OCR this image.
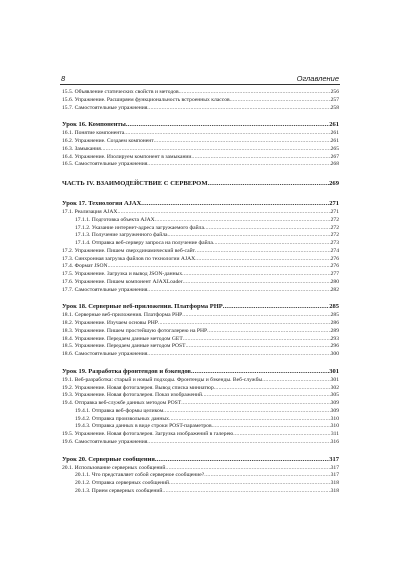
8	Оглавление
15.5. Объявление статических свойств и методов .....	256
15.6. Упражнение. Расширяем функциональность встроенных классов .....	257
15.7. Самостоятельные упражнения .....	258
Урок 16. Компоненты .....	261
16.1. Понятие компонента .....	261
16.2. Упражнение. Создаем компонент .....	261
16.3. Замыкания .....	265
16.4. Упражнение. Изолируем компонент в замыкании .....	267
16.5. Самостоятельные упражнения .....	268
ЧАСТЬ IV. ВЗАИМОДЕЙСТВИЕ С СЕРВЕРОМ .....	269
Урок 17. Технология AJAX .....	271
17.1. Реализация AJAX .....	271
17.1.1. Подготовка объекта AJAX .....	272
17.1.2. Указание интернет-адреса загружаемого файла .....	272
17.1.3. Получение загруженного файла .....	272
17.1.4. Отправка веб-серверу запроса на получение файла .....	273
17.2. Упражнение. Пишем сверхдинамический веб-сайт .....	274
17.3. Синхронная загрузка файлов по технологии AJAX .....	276
17.4. Формат JSON .....	276
17.5. Упражнение. Загрузка и вывод JSON-данных .....	277
17.6. Упражнение. Пишем компонент AJAXLoader .....	280
17.7. Самостоятельные упражнения .....	282
Урок 18. Серверные веб-приложения. Платформа PHP .....	285
18.1. Серверные веб-приложения. Платформа PHP .....	285
18.2. Упражнение. Изучаем основы PHP .....	286
18.3. Упражнение. Пишем простейшую фотогалерею на PHP .....	289
18.4. Упражнение. Передаем данные методом GET .....	293
18.5. Упражнение. Передаем данные методом POST .....	296
18.6. Самостоятельные упражнения .....	300
Урок 19. Разработка фронтендов и бэкендов .....	301
19.1. Веб-разработка: старый и новый подходы. Фронтенды и бэкенды. Веб-службы .....	301
19.2. Упражнение. Новая фотогалерея. Вывод списка миниатюр .....	302
19.3. Упражнение. Новая фотогалерея. Показ изображений .....	305
19.4. Отправка веб-службе данных методом POST .....	309
19.4.1. Отправка веб-формы целиком .....	309
19.4.2. Отправка произвольных данных .....	310
19.4.3. Отправка данных в виде строки POST-параметров .....	310
19.5. Упражнение. Новая фотогалерея. Загрузка изображений в галерею .....	311
19.6. Самостоятельные упражнения .....	316
Урок 20. Серверные сообщения .....	317
20.1. Использование серверных сообщений .....	317
20.1.1. Что представляет собой серверное сообщение? .....	317
20.1.2. Отправка серверных сообщений .....	318
20.1.3. Прием серверных сообщений .....	318
